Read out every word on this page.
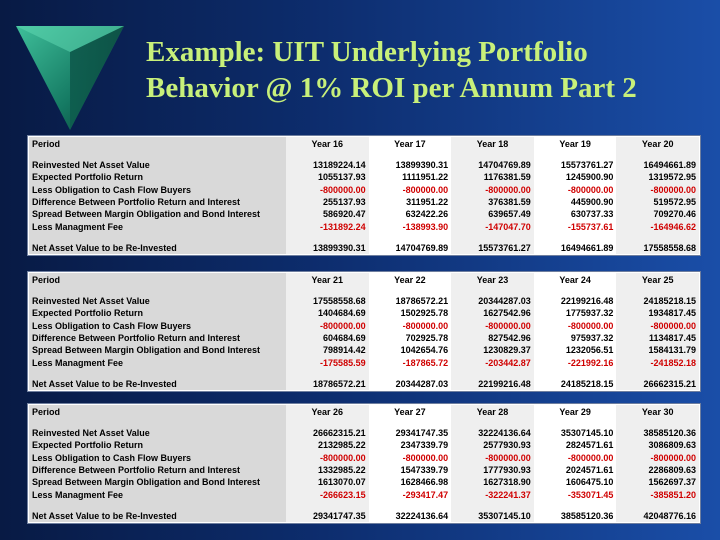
Example: UIT Underlying Portfolio
Behavior @ 1% ROI per Annum Part 2
Period	Year 16	Year 17	Year 18	Year 19	Year 20

Reinvested Net Asset Value	13189224.14	13899390.31	14704769.89	15573761.27	16494661.89
Expected Portfolio Return	1055137.93	1111951.22	1176381.59	1245900.90	1319572.95
Less Obligation to Cash Flow Buyers	-800000.00	-800000.00	-800000.00	-800000.00	-800000.00
Difference Between Portfolio Return and Interest	255137.93	311951.22	376381.59	445900.90	519572.95
Spread Between Margin Obligation and Bond Interest	586920.47	632422.26	639657.49	630737.33	709270.46
Less Managment Fee	-131892.24	-138993.90	-147047.70	-155737.61	-164946.62

Net Asset Value to be Re-Invested	13899390.31	14704769.89	15573761.27	16494661.89	17558558.68
Period	Year 21	Year 22	Year 23	Year 24	Year 25

Reinvested Net Asset Value	17558558.68	18786572.21	20344287.03	22199216.48	24185218.15
Expected Portfolio Return	1404684.69	1502925.78	1627542.96	1775937.32	1934817.45
Less Obligation to Cash Flow Buyers	-800000.00	-800000.00	-800000.00	-800000.00	-800000.00
Difference Between Portfolio Return and Interest	604684.69	702925.78	827542.96	975937.32	1134817.45
Spread Between Margin Obligation and Bond Interest	798914.42	1042654.76	1230829.37	1232056.51	1584131.79
Less Managment Fee	-175585.59	-187865.72	-203442.87	-221992.16	-241852.18

Net Asset Value to be Re-Invested	18786572.21	20344287.03	22199216.48	24185218.15	26662315.21
Period	Year 26	Year 27	Year 28	Year 29	Year 30

Reinvested Net Asset Value	26662315.21	29341747.35	32224136.64	35307145.10	38585120.36
Expected Portfolio Return	2132985.22	2347339.79	2577930.93	2824571.61	3086809.63
Less Obligation to Cash Flow Buyers	-800000.00	-800000.00	-800000.00	-800000.00	-800000.00
Difference Between Portfolio Return and Interest	1332985.22	1547339.79	1777930.93	2024571.61	2286809.63
Spread Between Margin Obligation and Bond Interest	1613070.07	1628466.98	1627318.90	1606475.10	1562697.37
Less Managment Fee	-266623.15	-293417.47	-322241.37	-353071.45	-385851.20

Net Asset Value to be Re-Invested	29341747.35	32224136.64	35307145.10	38585120.36	42048776.16
